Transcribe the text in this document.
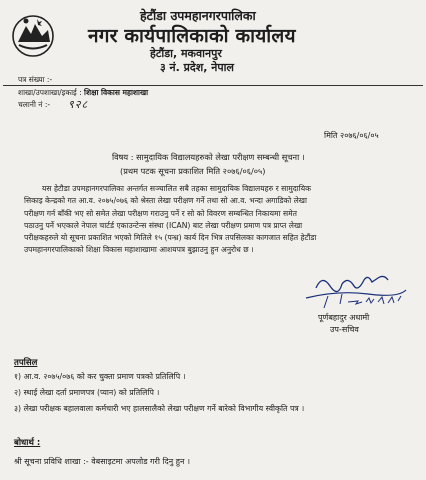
हेटौंडा उपमहानगरपालिका
नगर कार्यपालिकाको कार्यालय
हेटौंडा, मकवानपुर
३ नं. प्रदेश, नेपाल
पत्र संख्या :-
शाखा/उपशाखा/इकाई : शिक्षा विकास महाशाखा
चलानी नं :- ९२८
मिति २०७६/०६/०५
विषय : सामुदायिक विद्यालयहरुको लेखा परीक्षण सम्बन्धी सूचना ।
(प्रथम पटक सूचना प्रकाशित मिति २०७६/०६/०५)
यस हेटौडा उपमहानगरपालिका अन्तर्गत सञ्चालित सबै तहका सामुदायिक विद्यालयहरु र सामुदायिक
सिकाइ केन्द्रको गत आ.व. २०७५/०७६ को श्रेस्ता लेखा परीक्षण गर्ने तथा सो आ.व. भन्दा अगाडिको लेखा
परीक्षण गर्न बाँकी भए सो समेत लेखा परीक्षण गराउनु पर्ने र सो को विवरण सम्बन्धित निकायमा समेत
पठाउनु पर्ने भएकाले नेपाल चार्टर्ड एकाउन्टेन्स संस्था (ICAN) बाट लेखा परीक्षण प्रमाण पत्र प्राप्त लेखा
परीक्षकहरुले यो सूचना प्रकाशित भएको मितिले १५ (पन्ध्र) कार्य दिन भित्र तपसिलका कागजात सहित हेटौंडा
उपमहानगरपालिकाको शिक्षा विकास महाशाखामा आशयपत्र बुझाउनु हुन अनुरोध छ ।
पूर्णबहादुर अधामी
उप-सचिव
तपसिल
१) आ.व. २०७५/०७६ को कर चुक्ता प्रमाण पत्रको प्रतिलिपि ।
२) स्थाई लेखा दर्ता प्रमाणपत्र (प्यान) को प्रतिलिपि ।
३) लेखा परीक्षक बहालवाला कर्मचारी भए हालसालैको लेखा परीक्षण गर्ने बारेको विभागीय स्वीकृति पत्र ।
बोधार्थ :
श्री सूचना प्रविधि शाखा :- वेबसाइटमा अपलोड गरी दिनु हुन ।
